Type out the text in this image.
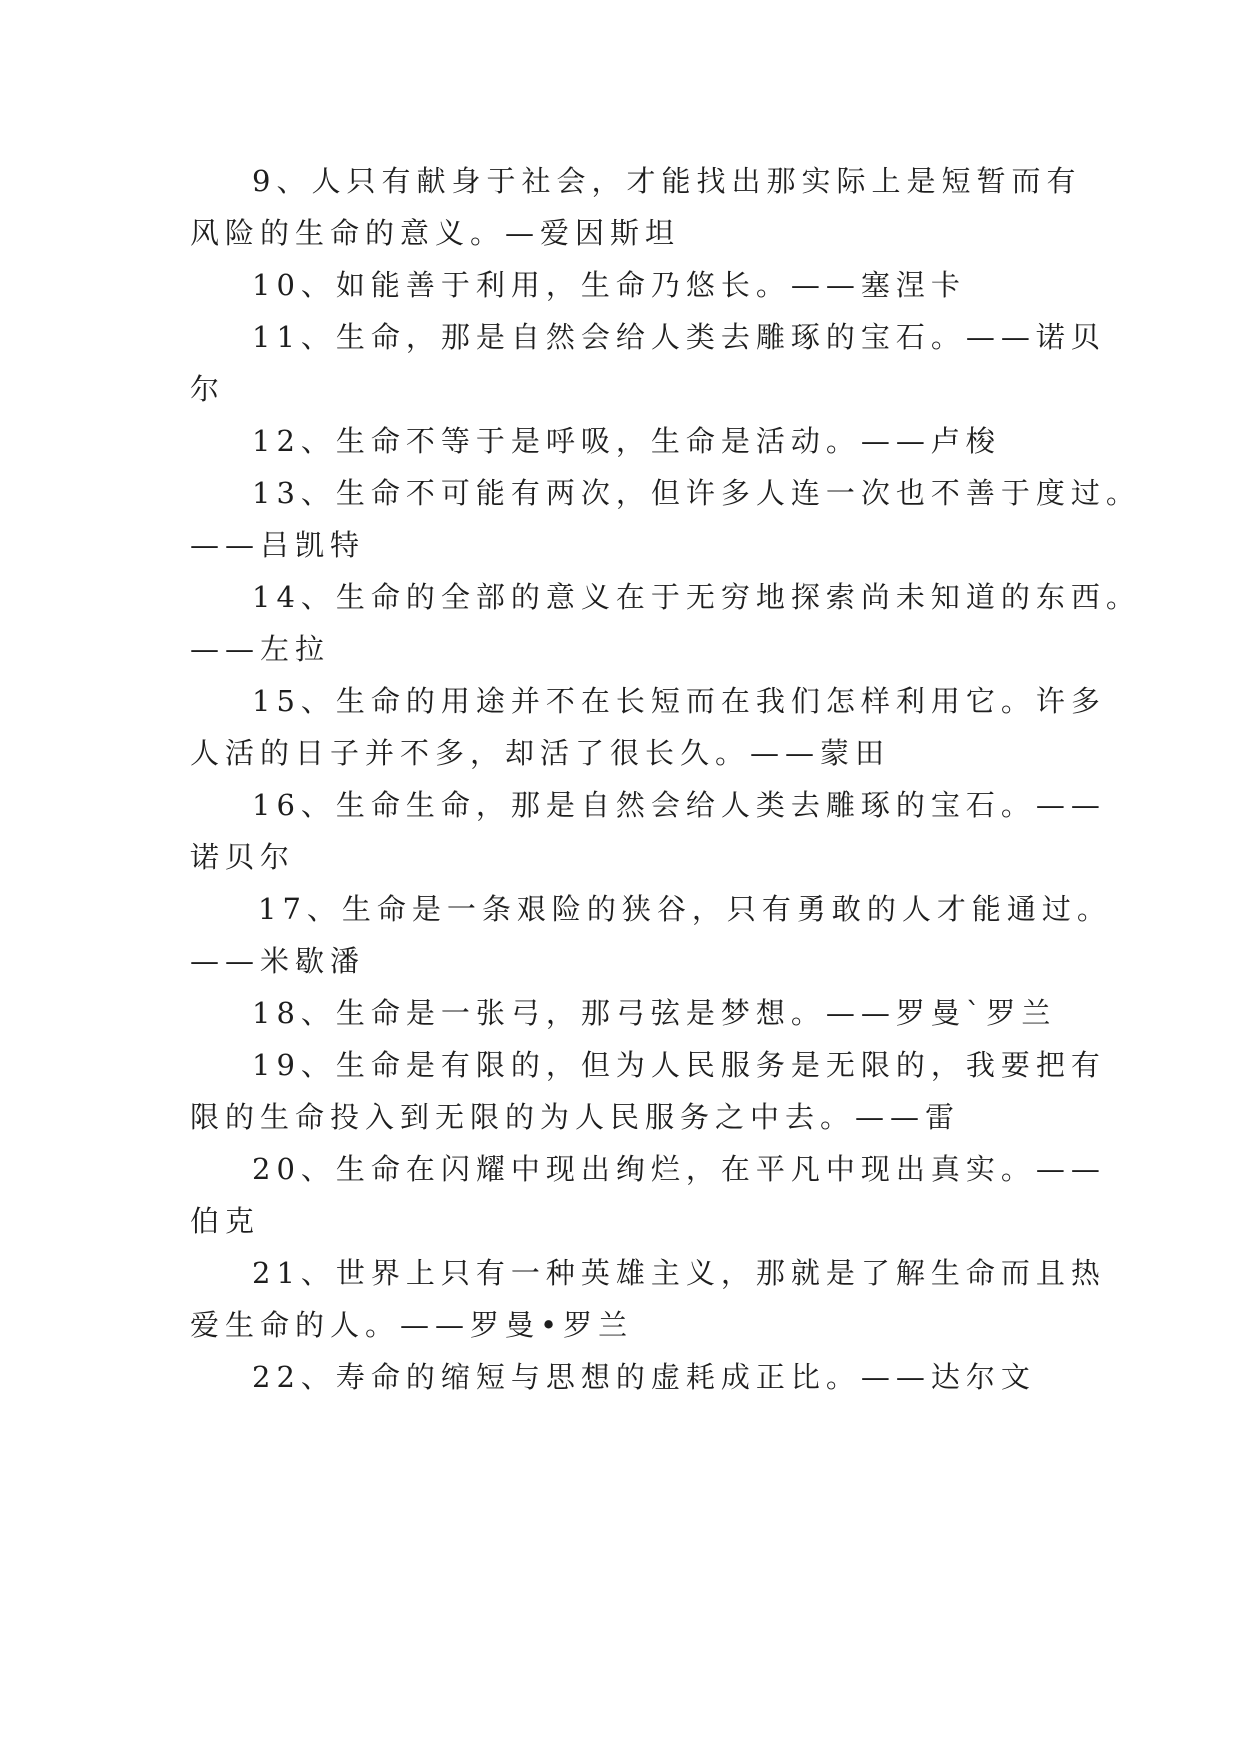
9、人只有献身于社会，才能找出那实际上是短暂而有
风险的生命的意义。—爱因斯坦

10、如能善于利用，生命乃悠长。——塞涅卡

11、生命，那是自然会给人类去雕琢的宝石。——诺贝
尔

12、生命不等于是呼吸，生命是活动。——卢梭

13、生命不可能有两次，但许多人连一次也不善于度过。
——吕凯特

14、生命的全部的意义在于无穷地探索尚未知道的东西。
——左拉

15、生命的用途并不在长短而在我们怎样利用它。许多
人活的日子并不多，却活了很长久。——蒙田

16、生命生命，那是自然会给人类去雕琢的宝石。——
诺贝尔

17、生命是一条艰险的狭谷，只有勇敢的人才能通过。
——米歇潘

18、生命是一张弓，那弓弦是梦想。——罗曼`罗兰

19、生命是有限的，但为人民服务是无限的，我要把有
限的生命投入到无限的为人民服务之中去。——雷

20、生命在闪耀中现出绚烂，在平凡中现出真实。——
伯克

21、世界上只有一种英雄主义，那就是了解生命而且热
爱生命的人。——罗曼•罗兰

22、寿命的缩短与思想的虚耗成正比。——达尔文
